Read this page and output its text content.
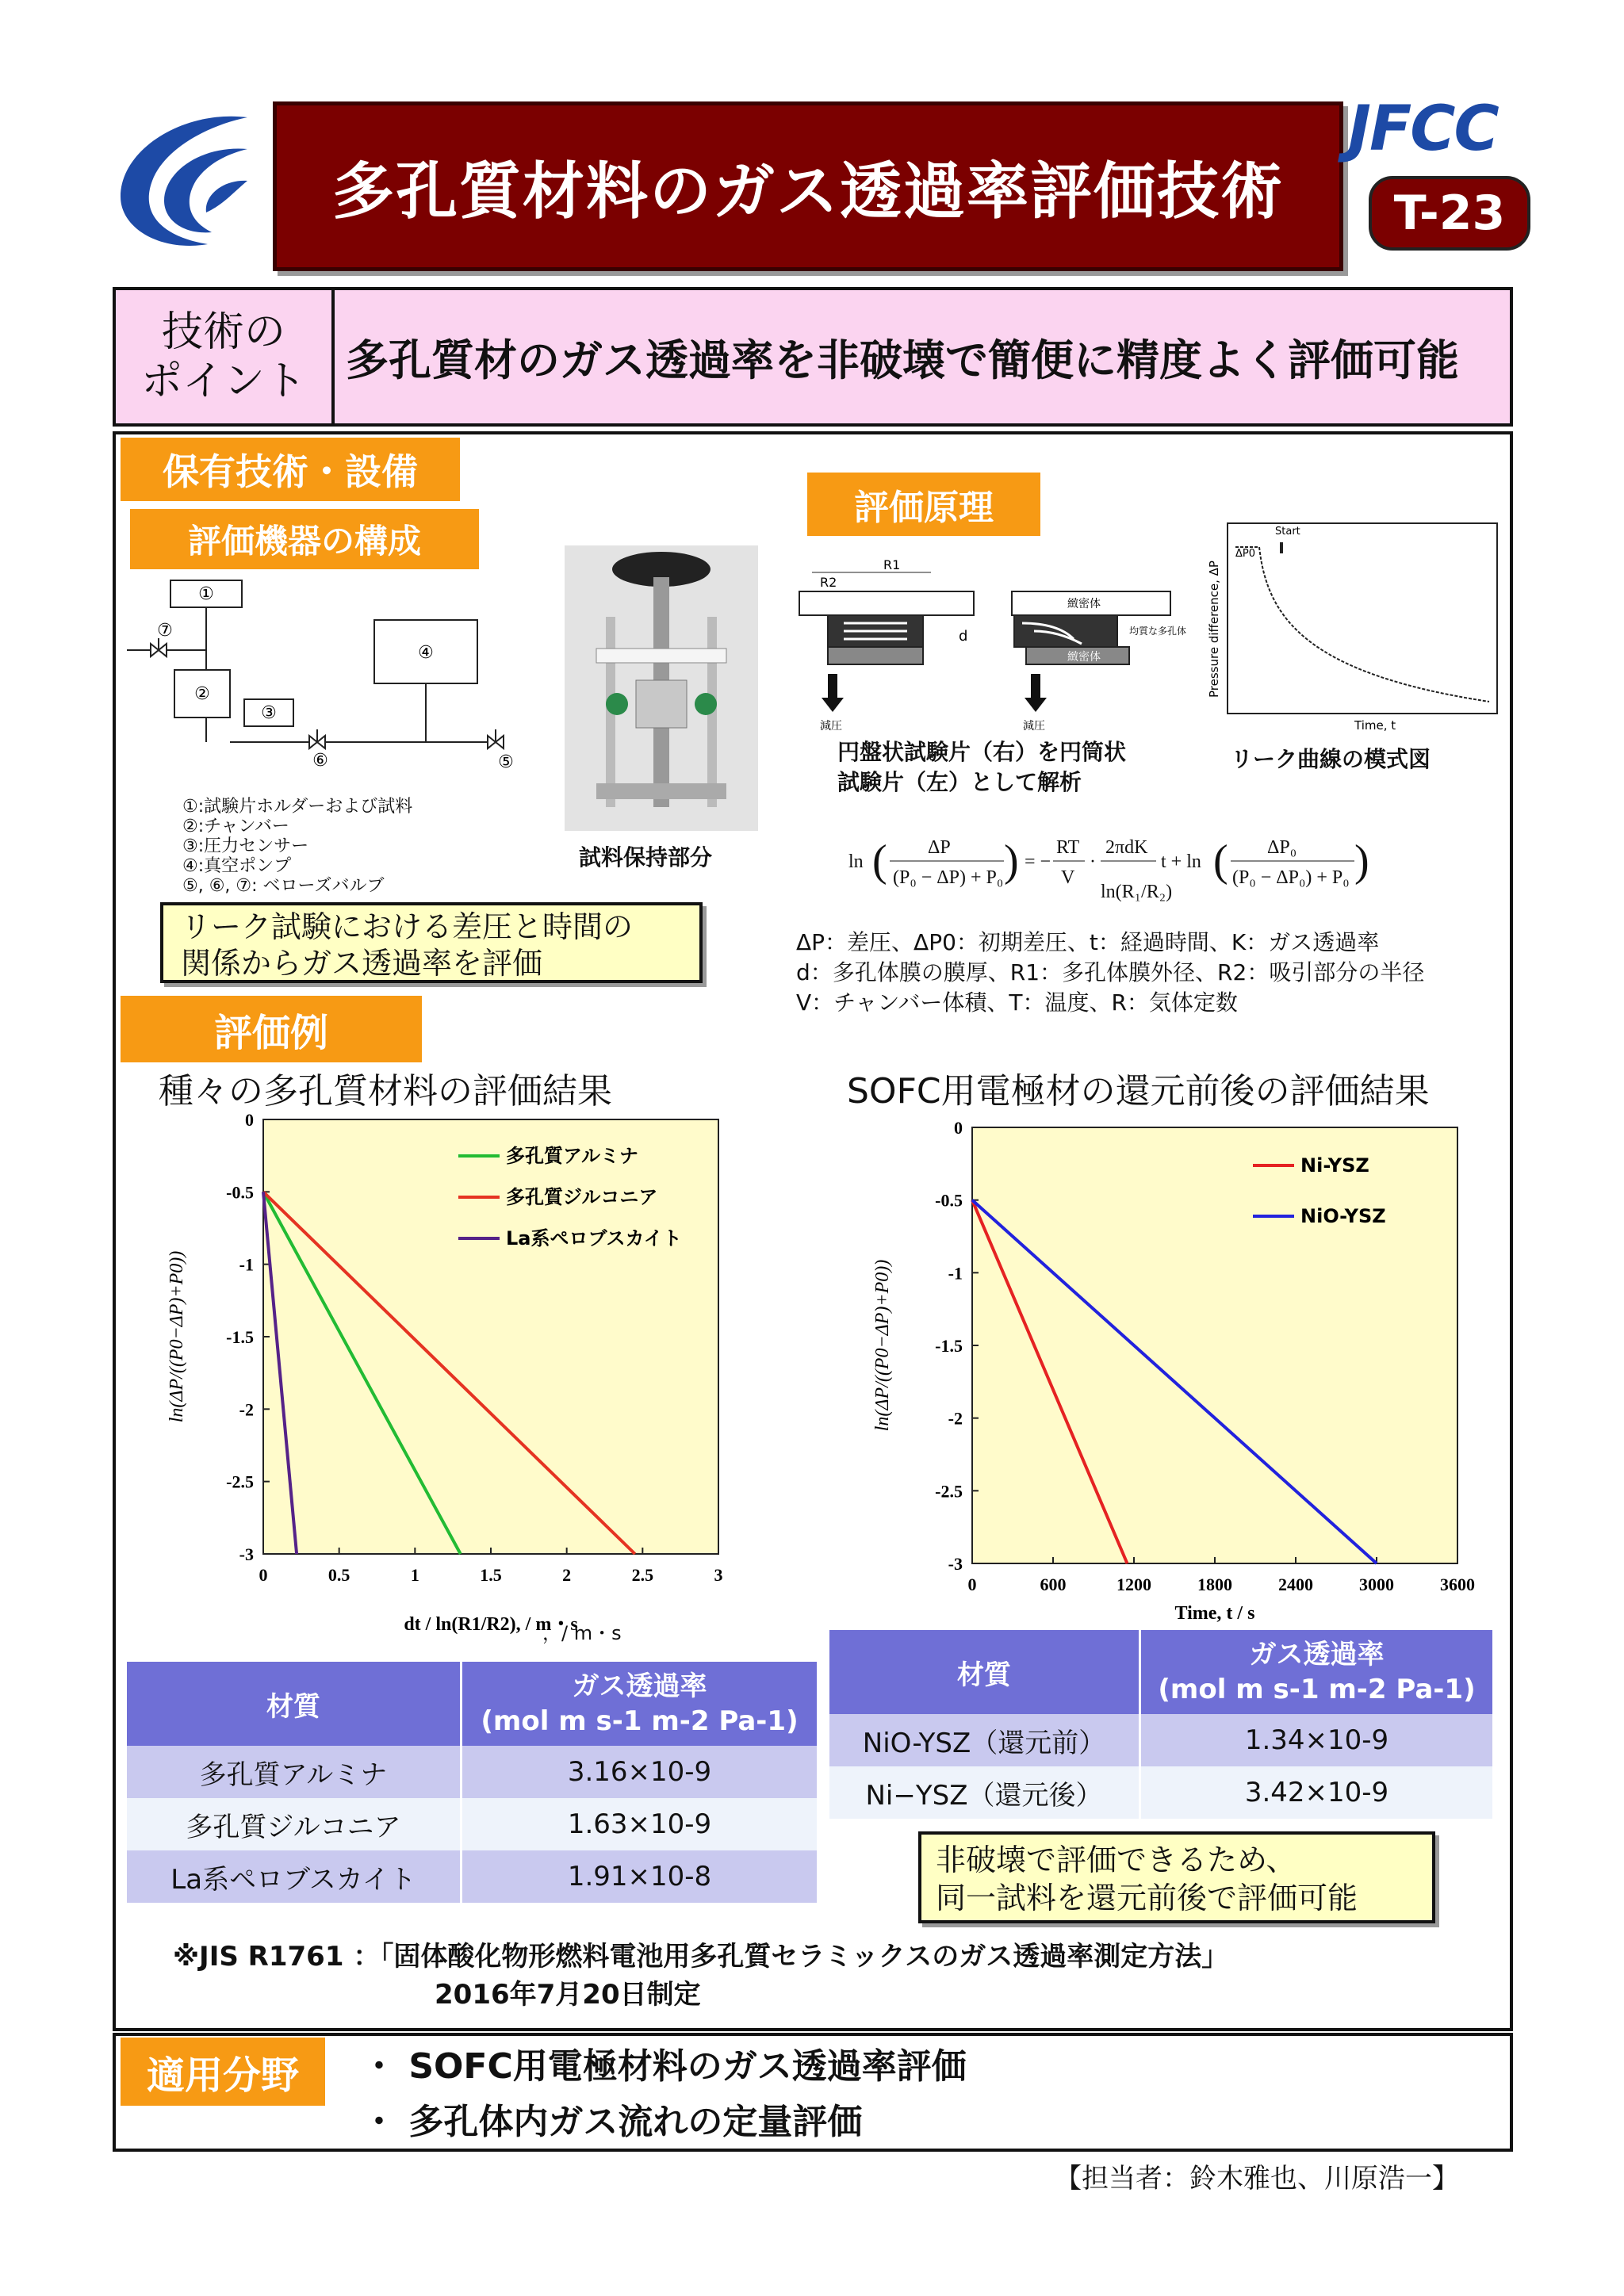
多孔質材料のガス透過率評価技術
JFCC
T-23
技術の
ポイント 多孔質材のガス透過率を非破壊で簡便に精度よく評価可能
保有技術・設備
評価機器の構成
①
②
③
④
⑤
⑥
⑦
①:試験片ホルダーおよび試料
②:チャンバー
③:圧力センサー
④:真空ポンプ
⑤, ⑥, ⑦: ベローズバルブ
試料保持部分
リーク試験における差圧と時間の
関係からガス透過率を評価
評価原理
R1
R2
d
緻密体
均質な多孔体
緻密体
減圧	減圧
円盤状試験片（右）を円筒状
試験片（左）として解析
Start
ΔP0
Time, t
Pressure difference, ΔP
リーク曲線の模式図
ln ( ΔP
(P₀ − ΔP) + P₀ ) = −
RT
V
·
2πdK
ln(R₁/R₂)
t + ln ( ΔP₀
(P₀ − ΔP₀) + P₀ )
ΔP：差圧、ΔP0：初期差圧、t：経過時間、K：ガス透過率
d：多孔体膜の膜厚、R1：多孔体膜外径、R2：吸引部分の半径
V：チャンバー体積、T：温度、R：気体定数
評価例
種々の多孔質材料の評価結果	SOFC用電極材の還元前後の評価結果
0	0.5	1	1.5	2	2.5	3
0
-0.5
-1
-1.5
-2
-2.5
-3
多孔質アルミナ
多孔質ジルコニア
La系ペロブスカイト
ln(ΔP/((P0−ΔP)+P0))
dt / ln(R1/R2), / m・s
0	600	1200	1800	2400	3000	3600
0
-0.5
-1
-1.5
-2
-2.5
-3
Ni-YSZ
NiO-YSZ
ln(ΔP/((P0−ΔP)+P0))
Time, t / s
，/ m・s
材質	ガス透過率
(mol m s-1 m-2 Pa-1)

多孔質アルミナ	3.16×10-9
多孔質ジルコニア	1.63×10-9
La系ペロブスカイト	1.91×10-8
材質	ガス透過率
(mol m s-1 m-2 Pa-1)

NiO-YSZ（還元前）	1.34×10-9
Ni−YSZ（還元後）	3.42×10-9
非破壊で評価できるため、
同一試料を還元前後で評価可能
※JIS R1761 ：「固体酸化物形燃料電池用多孔質セラミックスのガス透過率測定方法」
2016年7月20日制定
適用分野	・ SOFC用電極材料のガス透過率評価
・ 多孔体内ガス流れの定量評価
【担当者：鈴木雅也、川原浩一】
